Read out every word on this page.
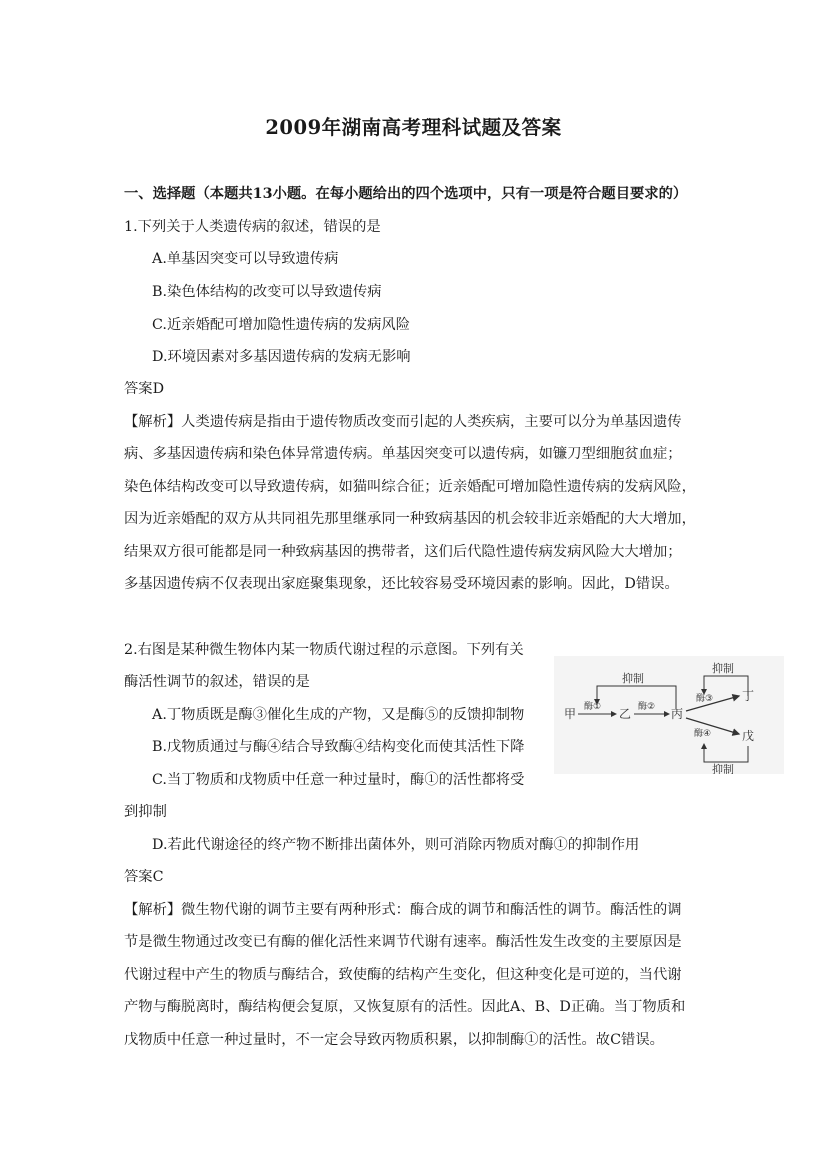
2009年湖南高考理科试题及答案
一、选择题（本题共13小题。在每小题给出的四个选项中，只有一项是符合题目要求的）
1.下列关于人类遗传病的叙述，错误的是
A.单基因突变可以导致遗传病
B.染色体结构的改变可以导致遗传病
C.近亲婚配可增加隐性遗传病的发病风险
D.环境因素对多基因遗传病的发病无影响
答案D
【解析】人类遗传病是指由于遗传物质改变而引起的人类疾病，主要可以分为单基因遗传
病、多基因遗传病和染色体异常遗传病。单基因突变可以遗传病，如镰刀型细胞贫血症；
染色体结构改变可以导致遗传病，如猫叫综合征；近亲婚配可增加隐性遗传病的发病风险，
因为近亲婚配的双方从共同祖先那里继承同一种致病基因的机会较非近亲婚配的大大增加，
结果双方很可能都是同一种致病基因的携带者，这们后代隐性遗传病发病风险大大增加；
多基因遗传病不仅表现出家庭聚集现象，还比较容易受环境因素的影响。因此，D错误。
2.右图是某种微生物体内某一物质代谢过程的示意图。下列有关
酶活性调节的叙述，错误的是
A.丁物质既是酶③催化生成的产物，又是酶⑤的反馈抑制物
B.戊物质通过与酶④结合导致酶④结构变化而使其活性下降
C.当丁物质和戊物质中任意一种过量时，酶①的活性都将受
到抑制
D.若此代谢途径的终产物不断排出菌体外，则可消除丙物质对酶①的抑制作用
答案C
【解析】微生物代谢的调节主要有两种形式：酶合成的调节和酶活性的调节。酶活性的调
节是微生物通过改变已有酶的催化活性来调节代谢有速率。酶活性发生改变的主要原因是
代谢过程中产生的物质与酶结合，致使酶的结构产生变化，但这种变化是可逆的，当代谢
产物与酶脱离时，酶结构便会复原，又恢复原有的活性。因此A、B、D正确。当丁物质和
戊物质中任意一种过量时，不一定会导致丙物质积累，以抑制酶①的活性。故C错误。
抑制
抑制
甲 酶① 乙 酶② 丙
酶③ 丁
酶④	戊
抑制
